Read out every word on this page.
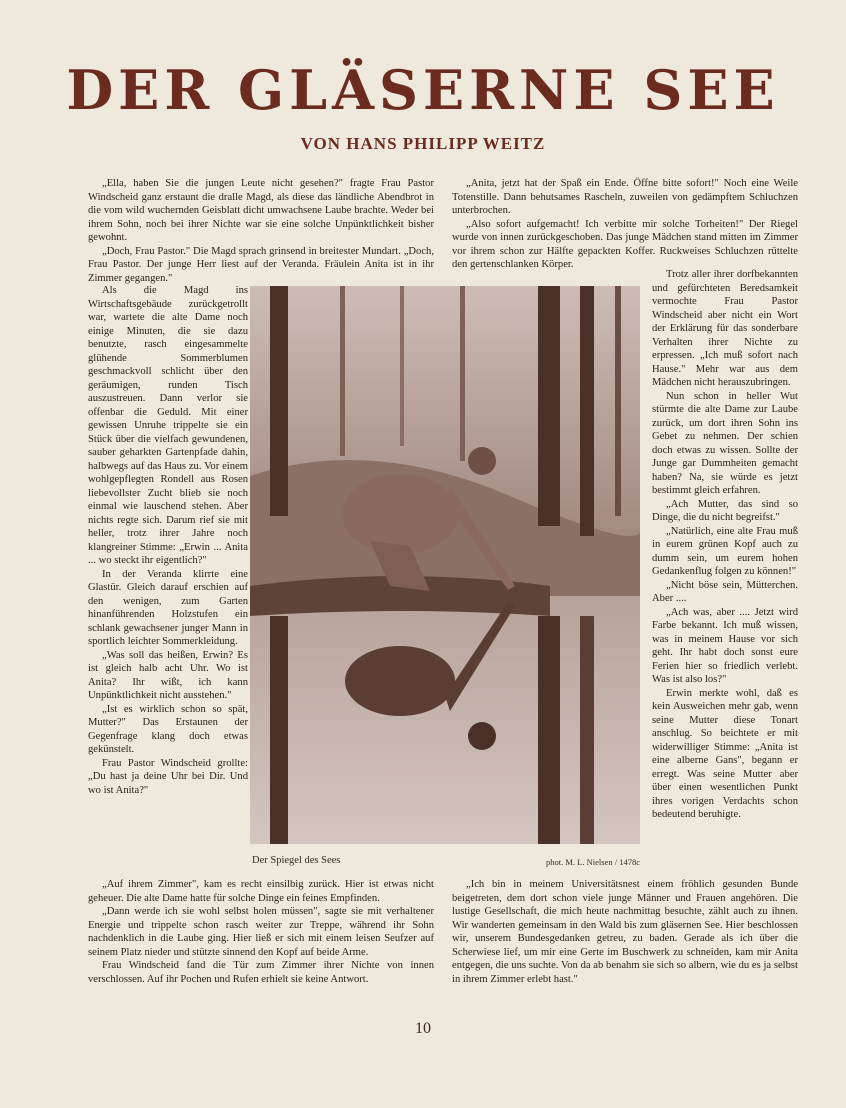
DER GLÄSERNE SEE
VON HANS PHILIPP WEITZ

„Ella, haben Sie die jungen Leute nicht gesehen?" fragte Frau Pastor Windscheid ganz erstaunt die dralle Magd, als diese das ländliche Abendbrot in die vom wild wuchernden Geisblatt dicht umwachsene Laube brachte. Weder bei ihrem Sohn, noch bei ihrer Nichte war sie eine solche Unpünktlichkeit bisher gewohnt.

„Doch, Frau Pastor." Die Magd sprach grinsend in breitester Mundart. „Doch, Frau Pastor. Der junge Herr liest auf der Veranda. Fräulein Anita ist in ihr Zimmer gegangen."

Als die Magd ins Wirtschaftsgebäude zurückgetrollt war, wartete die alte Dame noch einige Minuten, die sie dazu benutzte, rasch eingesammelte glühende Sommerblumen geschmackvoll schlicht über den geräumigen, runden Tisch auszustreuen. Dann verlor sie offenbar die Geduld. Mit einer gewissen Unruhe trippelte sie ein Stück über die vielfach gewundenen, sauber geharkten Gartenpfade dahin, halbwegs auf das Haus zu. Vor einem wohlgepflegten Rondell aus Rosen liebevollster Zucht blieb sie noch einmal wie lauschend stehen. Aber nichts regte sich. Darum rief sie mit heller, trotz ihrer Jahre noch klangreiner Stimme: „Erwin ... Anita ... wo steckt ihr eigentlich?"

In der Veranda klirrte eine Glastür. Gleich darauf erschien auf den wenigen, zum Garten hinanführenden Holzstufen ein schlank gewachsener junger Mann in sportlich leichter Sommerkleidung.

„Was soll das heißen, Erwin? Es ist gleich halb acht Uhr. Wo ist Anita? Ihr wißt, ich kann Unpünktlichkeit nicht ausstehen."

„Ist es wirklich schon so spät, Mutter?" Das Erstaunen der Gegenfrage klang doch etwas gekünstelt.

Frau Pastor Windscheid grollte: „Du hast ja deine Uhr bei Dir. Und wo ist Anita?"

„Auf ihrem Zimmer", kam es recht einsilbig zurück. Hier ist etwas nicht geheuer. Die alte Dame hatte für solche Dinge ein feines Empfinden.

„Dann werde ich sie wohl selbst holen müssen", sagte sie mit verhaltener Energie und trippelte schon rasch weiter zur Treppe, während ihr Sohn nachdenklich in die Laube ging. Hier ließ er sich mit einem leisen Seufzer auf seinem Platz nieder und stützte sinnend den Kopf auf beide Arme.

Frau Windscheid fand die Tür zum Zimmer ihrer Nichte von innen verschlossen. Auf ihr Pochen und Rufen erhielt sie keine Antwort.

„Anita, jetzt hat der Spaß ein Ende. Öffne bitte sofort!" Noch eine Weile Totenstille. Dann behutsames Rascheln, zuweilen von gedämpftem Schluchzen unterbrochen.

„Also sofort aufgemacht! Ich verbitte mir solche Torheiten!" Der Riegel wurde von innen zurückgeschoben. Das junge Mädchen stand mitten im Zimmer vor ihrem schon zur Hälfte gepackten Koffer. Ruckweises Schluchzen rüttelte den gertenschlanken Körper.

Trotz aller ihrer dorfbekannten und gefürchteten Beredsamkeit vermochte Frau Pastor Windscheid aber nicht ein Wort der Erklärung für das sonderbare Verhalten ihrer Nichte zu erpressen. „Ich muß sofort nach Hause." Mehr war aus dem Mädchen nicht herauszubringen.

Nun schon in heller Wut stürmte die alte Dame zur Laube zurück, um dort ihren Sohn ins Gebet zu nehmen. Der schien doch etwas zu wissen. Sollte der Junge gar Dummheiten gemacht haben? Na, sie würde es jetzt bestimmt gleich erfahren.

„Ach Mutter, das sind so Dinge, die du nicht begreifst."

„Natürlich, eine alte Frau muß in eurem grünen Kopf auch zu dumm sein, um eurem hohen Gedankenflug folgen zu können!"

„Nicht böse sein, Mütterchen. Aber ....

„Ach was, aber .... Jetzt wird Farbe bekannt. Ich muß wissen, was in meinem Hause vor sich geht. Ihr habt doch sonst eure Ferien hier so friedlich verlebt. Was ist also los?"

Erwin merkte wohl, daß es kein Ausweichen mehr gab, wenn seine Mutter diese Tonart anschlug. So beichtete er mit widerwilliger Stimme: „Anita ist eine alberne Gans", begann er erregt. Was seine Mutter aber über einen wesentlichen Punkt ihres vorigen Verdachts schon bedeutend beruhigte.

„Ich bin in meinem Universitätsnest einem fröhlich gesunden Bunde beigetreten, dem dort schon viele junge Männer und Frauen angehören. Die lustige Gesellschaft, die mich heute nachmittag besuchte, zählt auch zu ihnen. Wir wanderten gemeinsam in den Wald bis zum gläsernen See. Hier beschlossen wir, unserem Bundesgedanken getreu, zu baden. Gerade als ich über die Scherwiese lief, um mir eine Gerte im Buschwerk zu schneiden, kam mir Anita entgegen, die uns suchte. Von da ab benahm sie sich so albern, wie du es ja selbst in ihrem Zimmer erlebt hast."

Der Spiegel des Sees	phot. M. L. Nielsen / 1478c
10
